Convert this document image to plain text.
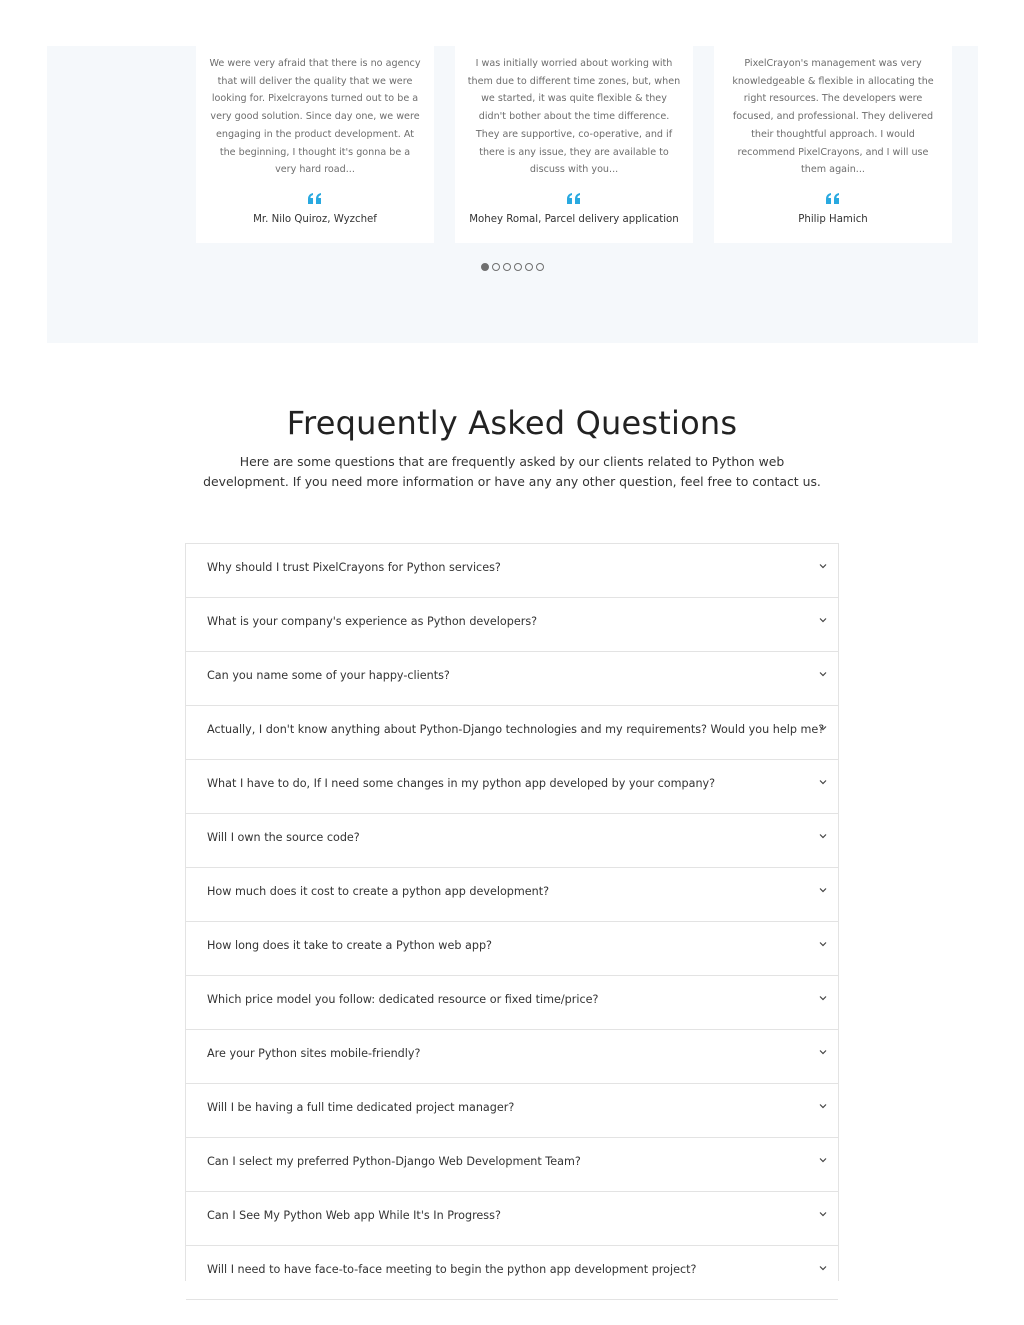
We were very afraid that there is no agency that will deliver the quality that we were looking for. Pixelcrayons turned out to be a very good solution. Since day one, we were engaging in the product development. At the beginning, I thought it's gonna be a very hard road...

Mr. Nilo Quiroz, Wyzchef

I was initially worried about working with them due to different time zones, but, when we started, it was quite flexible & they didn't bother about the time difference. They are supportive, co-operative, and if there is any issue, they are available to discuss with you...

Mohey Romal, Parcel delivery application

PixelCrayon's management was very knowledgeable & flexible in allocating the right resources. The developers were focused, and professional. They delivered their thoughtful approach. I would recommend PixelCrayons, and I will use them again...

Philip Hamich
Frequently Asked Questions

Here are some questions that are frequently asked by our clients related to Python web development. If you need more information or have any any other question, feel free to contact us.

Why should I trust PixelCrayons for Python services?
What is your company's experience as Python developers?
Can you name some of your happy-clients?
Actually, I don't know anything about Python-Django technologies and my requirements? Would you help me?
What I have to do, If I need some changes in my python app developed by your company?
Will I own the source code?
How much does it cost to create a python app development?
How long does it take to create a Python web app?
Which price model you follow: dedicated resource or fixed time/price?
Are your Python sites mobile-friendly?
Will I be having a full time dedicated project manager?
Can I select my preferred Python-Django Web Development Team?
Can I See My Python Web app While It's In Progress?
Will I need to have face-to-face meeting to begin the python app development project?
